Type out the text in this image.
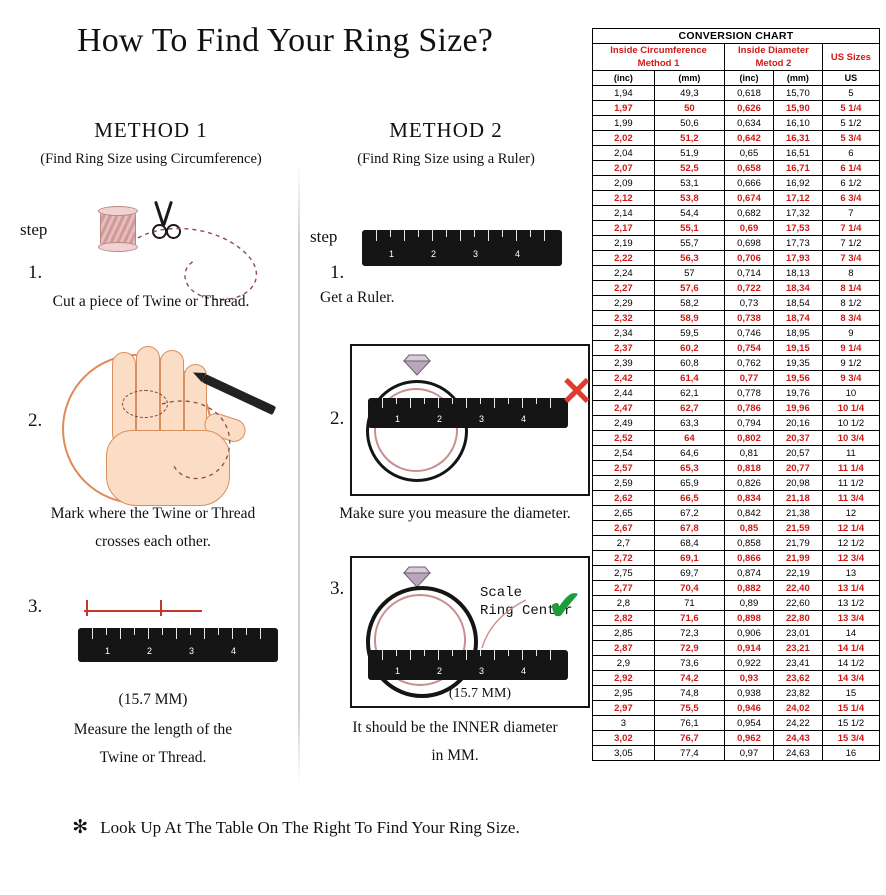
How To Find Your Ring Size?
METHOD 1
(Find Ring Size using Circumference)
METHOD 2
(Find Ring Size using a Ruler)
step
1.
Cut a piece of Twine or Thread.
2.
Mark where the Twine or Thread
crosses each other.
3.
1	2	3	4
(15.7 MM)
Measure the length of the
Twine or Thread.
step
1.
1	2	3	4
Get a Ruler.
2.	1	2	3	4
✕
Make sure you measure the diameter.
3.
1	2	3	4
Scale
Ring Center
✔
(15.7 MM)
It should be the INNER diameter
in MM.
✻ Look Up At The Table On The Right To Find Your Ring Size.
CONVERSION CHART				
Inside Circumference
Method 1		Inside Diameter
Metod 2		US Sizes
(inc)	(mm)	(inc)	(mm)	US
1,94	49,3	0,618	15,70	5
1,97	50	0,626	15,90	5 1/4
1,99	50,6	0,634	16,10	5 1/2
2,02	51,2	0,642	16,31	5 3/4
2,04	51,9	0,65	16,51	6
2,07	52,5	0,658	16,71	6 1/4
2,09	53,1	0,666	16,92	6 1/2
2,12	53,8	0,674	17,12	6 3/4
2,14	54,4	0,682	17,32	7
2,17	55,1	0,69	17,53	7 1/4
2,19	55,7	0,698	17,73	7 1/2
2,22	56,3	0,706	17,93	7 3/4
2,24	57	0,714	18,13	8
2,27	57,6	0,722	18,34	8 1/4
2,29	58,2	0,73	18,54	8 1/2
2,32	58,9	0,738	18,74	8 3/4
2,34	59,5	0,746	18,95	9
2,37	60,2	0,754	19,15	9 1/4
2,39	60,8	0,762	19,35	9 1/2
2,42	61,4	0,77	19,56	9 3/4
2,44	62,1	0,778	19,76	10
2,47	62,7	0,786	19,96	10 1/4
2,49	63,3	0,794	20,16	10 1/2
2,52	64	0,802	20,37	10 3/4
2,54	64,6	0,81	20,57	11
2,57	65,3	0,818	20,77	11 1/4
2,59	65,9	0,826	20,98	11 1/2
2,62	66,5	0,834	21,18	11 3/4
2,65	67,2	0,842	21,38	12
2,67	67,8	0,85	21,59	12 1/4
2,7	68,4	0,858	21,79	12 1/2
2,72	69,1	0,866	21,99	12 3/4
2,75	69,7	0,874	22,19	13
2,77	70,4	0,882	22,40	13 1/4
2,8	71	0,89	22,60	13 1/2
2,82	71,6	0,898	22,80	13 3/4
2,85	72,3	0,906	23,01	14
2,87	72,9	0,914	23,21	14 1/4
2,9	73,6	0,922	23,41	14 1/2
2,92	74,2	0,93	23,62	14 3/4
2,95	74,8	0,938	23,82	15
2,97	75,5	0,946	24,02	15 1/4
3	76,1	0,954	24,22	15 1/2
3,02	76,7	0,962	24,43	15 3/4
3,05	77,4	0,97	24,63	16
